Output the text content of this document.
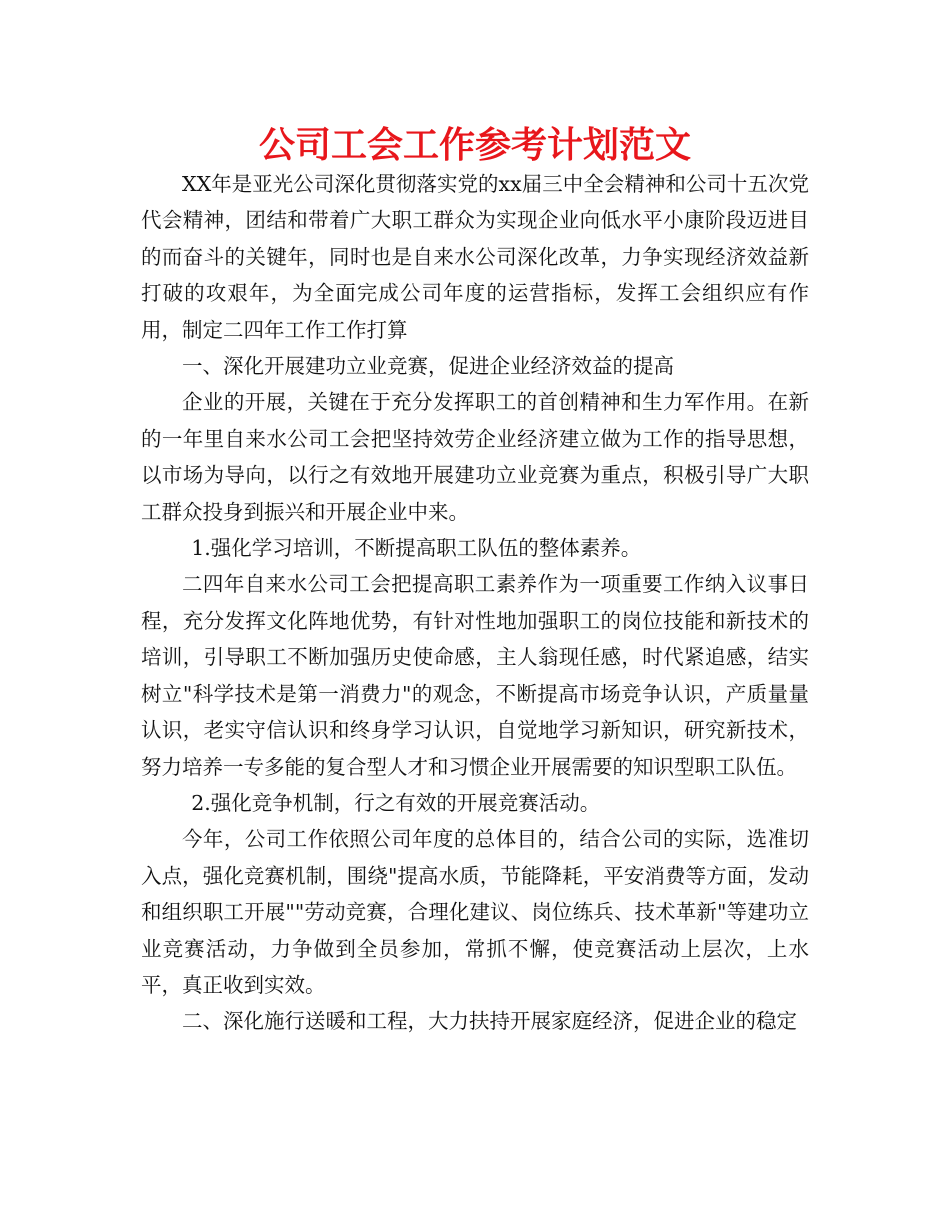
公司工会工作参考计划范文

XX年是亚光公司深化贯彻落实党的xx届三中全会精神和公司十五次党代会精神，团结和带着广大职工群众为实现企业向低水平小康阶段迈进目的而奋斗的关键年，同时也是自来水公司深化改革，力争实现经济效益新打破的攻艰年，为全面完成公司年度的运营指标，发挥工会组织应有作用，制定二四年工作工作打算

一、深化开展建功立业竞赛，促进企业经济效益的提高

企业的开展，关键在于充分发挥职工的首创精神和生力军作用。在新的一年里自来水公司工会把坚持效劳企业经济建立做为工作的指导思想，以市场为导向，以行之有效地开展建功立业竞赛为重点，积极引导广大职工群众投身到振兴和开展企业中来。

1.强化学习培训，不断提高职工队伍的整体素养。

二四年自来水公司工会把提高职工素养作为一项重要工作纳入议事日程，充分发挥文化阵地优势，有针对性地加强职工的岗位技能和新技术的培训，引导职工不断加强历史使命感，主人翁现任感，时代紧追感，结实树立"科学技术是第一消费力"的观念，不断提高市场竞争认识，产质量量认识，老实守信认识和终身学习认识，自觉地学习新知识，研究新技术，努力培养一专多能的复合型人才和习惯企业开展需要的知识型职工队伍。

2.强化竞争机制，行之有效的开展竞赛活动。

今年，公司工作依照公司年度的总体目的，结合公司的实际，选准切入点，强化竞赛机制，围绕"提高水质，节能降耗，平安消费等方面，发动和组织职工开展""劳动竞赛，合理化建议、岗位练兵、技术革新"等建功立业竞赛活动，力争做到全员参加，常抓不懈，使竞赛活动上层次，上水平，真正收到实效。

二、深化施行送暖和工程，大力扶持开展家庭经济，促进企业的稳定
